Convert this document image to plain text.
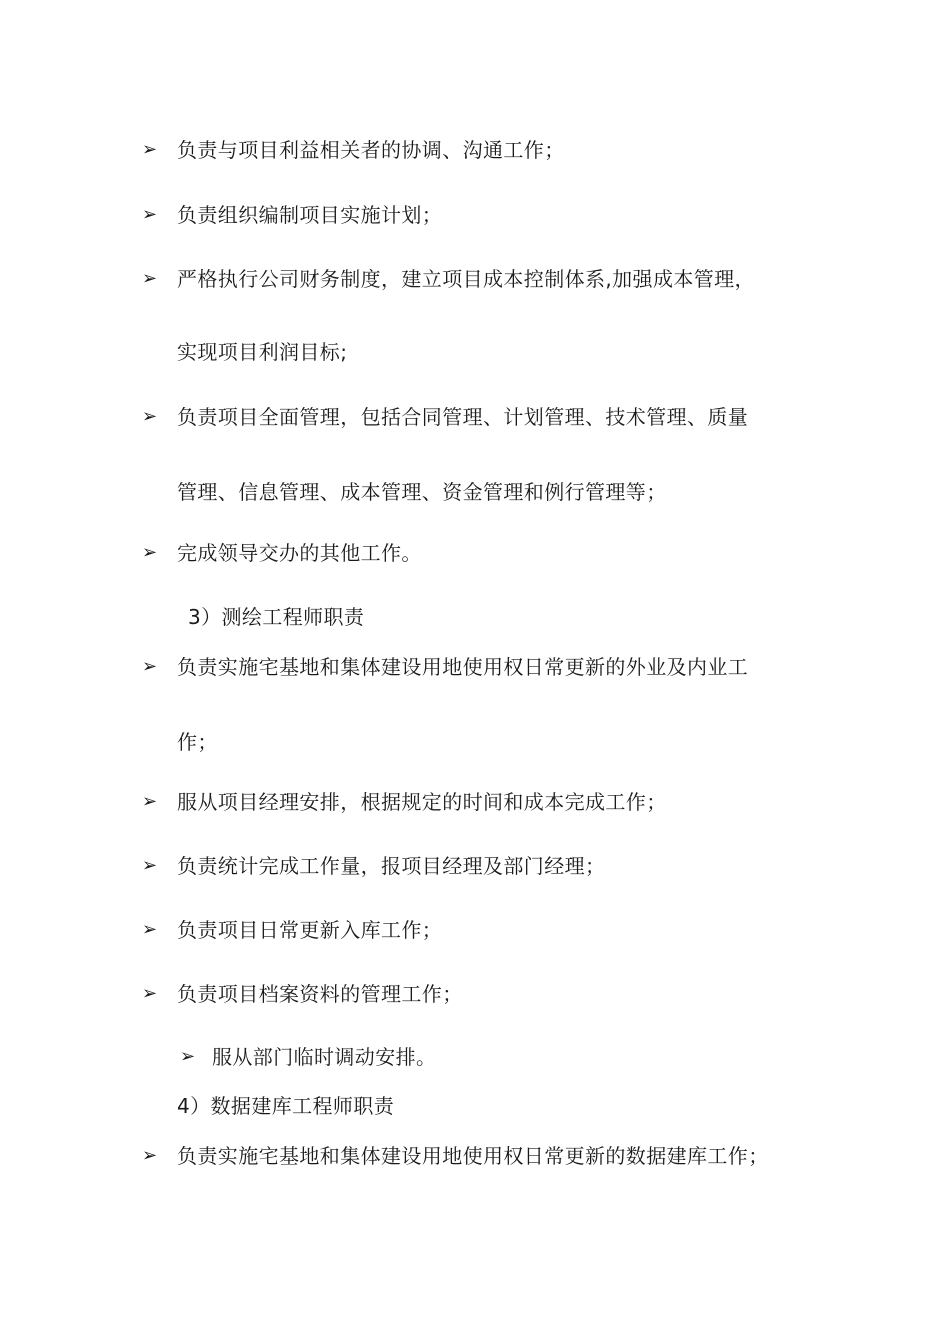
➢ 负责与项目利益相关者的协调、沟通工作；
➢ 负责组织编制项目实施计划；
➢ 严格执行公司财务制度，建立项目成本控制体系,加强成本管理，
实现项目利润目标;
➢ 负责项目全面管理，包括合同管理、计划管理、技术管理、质量
管理、信息管理、成本管理、资金管理和例行管理等；
➢ 完成领导交办的其他工作。
3）测绘工程师职责
➢ 负责实施宅基地和集体建设用地使用权日常更新的外业及内业工
作；
➢ 服从项目经理安排，根据规定的时间和成本完成工作；
➢ 负责统计完成工作量，报项目经理及部门经理；
➢ 负责项目日常更新入库工作；
➢ 负责项目档案资料的管理工作；
➢ 服从部门临时调动安排。
4）数据建库工程师职责
➢ 负责实施宅基地和集体建设用地使用权日常更新的数据建库工作；
